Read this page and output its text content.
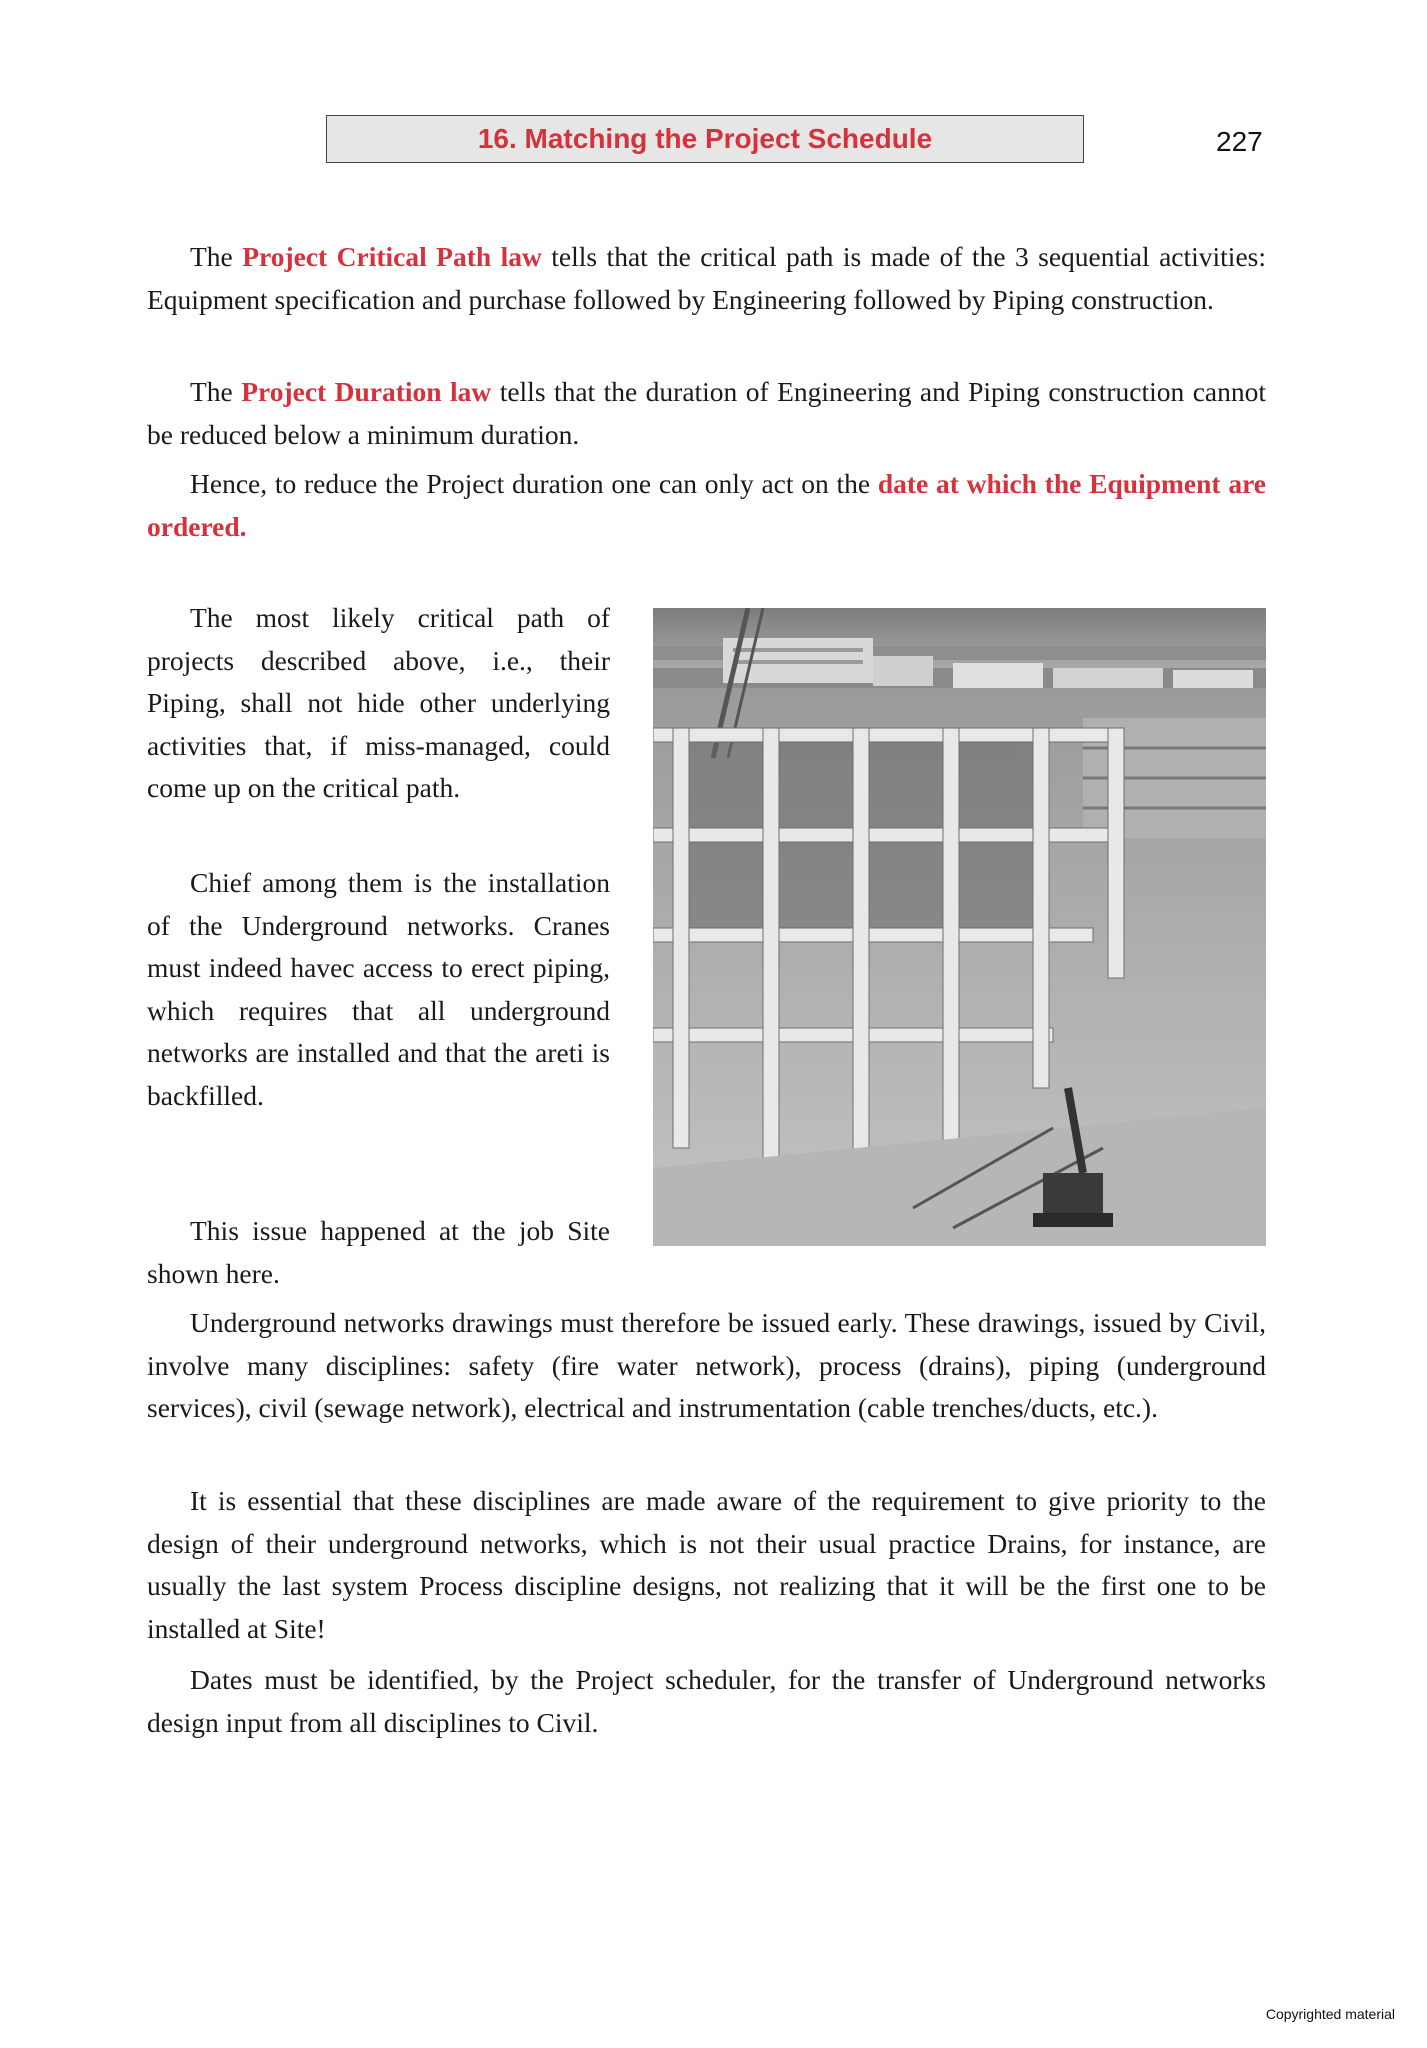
16. Matching the Project Schedule	227

The Project Critical Path law tells that the critical path is made of the 3 sequential activities: Equipment specification and purchase followed by Engineering followed by Piping construction.

The Project Duration law tells that the duration of Engineering and Piping construction cannot be reduced below a minimum duration.

Hence, to reduce the Project duration one can only act on the date at which the Equipment are ordered.

The most likely critical path of projects described above, i.e., their Piping, shall not hide other underlying activities that, if miss-managed, could come up on the critical path.

Chief among them is the installation of the Underground networks. Cranes must indeed havec access to erect piping, which requires that all underground networks are installed and that the areti is backfilled.

This issue happened at the job Site shown here.

Underground networks drawings must therefore be issued early. These drawings, issued by Civil, involve many disciplines: safety (fire water network), process (drains), piping (underground services), civil (sewage network), electrical and instrumentation (cable trenches/ducts, etc.).

It is essential that these disciplines are made aware of the requirement to give priority to the design of their underground networks, which is not their usual practice Drains, for instance, are usually the last system Process discipline designs, not realizing that it will be the first one to be installed at Site!

Dates must be identified, by the Project scheduler, for the transfer of Underground networks design input from all disciplines to Civil.

Copyrighted material
